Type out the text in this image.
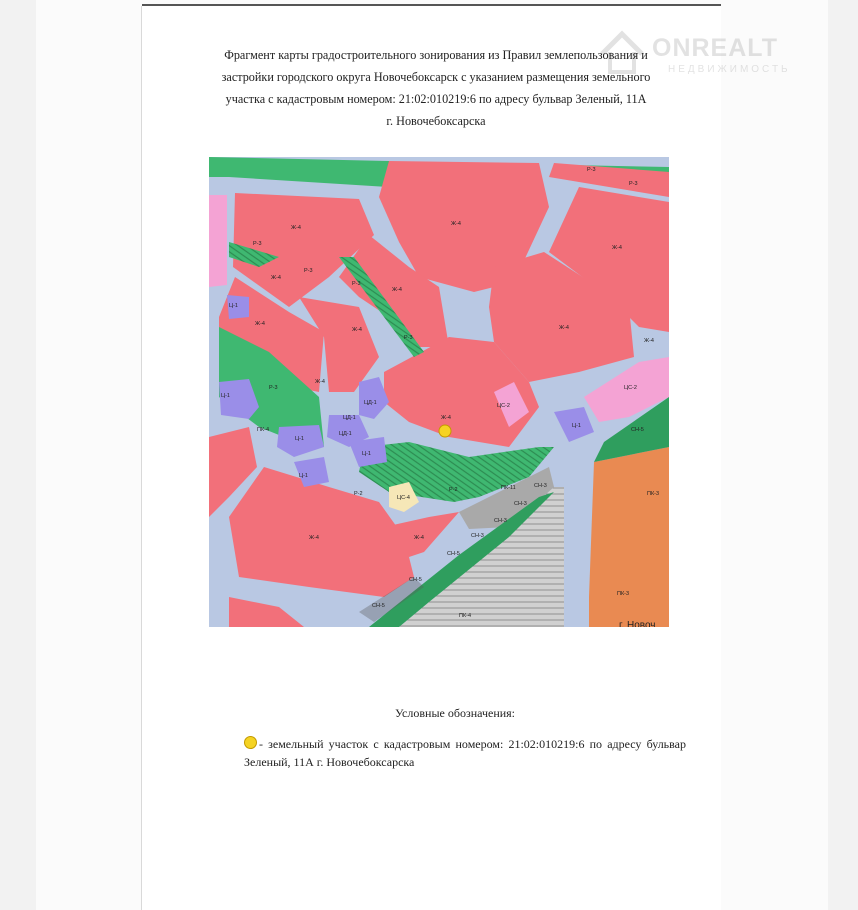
ONREALT
НЕДВИЖИМОСТЬ
Фрагмент карты градостроительного зонирования из Правил землепользования и
застройки городского округа Новочебоксарск с указанием размещения земельного
участка с кадастровым номером: 21:02:010219:6 по адресу бульвар Зеленый, 11А
г. Новочебоксарска
Ж-4
Ж-4
Ж-4
Ж-4
Ж-4
Ж-4
Ж-4	Ж-4
Ж-4
Ж-4
Ж-4	Ж-4
Ж-4
Р-3
Р-3
Р-3
Р-3
Р-3
Р-3
Р-3
Р-2
Р-2
Ц-1
Ц-1
Ц-1
Ц-1
Ц-1
Ц-1
ЦД-1
ЦД-1
ЦД-1
ЦС-2
ЦС-2
ЦС-4
ПК-4
ПК-4
ПК-3
ПК-3
ПК-11
СН-5
СН-5
СН-5
СН-5
СН-3
СН-3
СН-3
СН-3
г. Новоч
Условные обозначения:
- земельный участок с кадастровым номером: 21:02:010219:6 по адресу бульвар Зеленый, 11А г. Новочебоксарска
